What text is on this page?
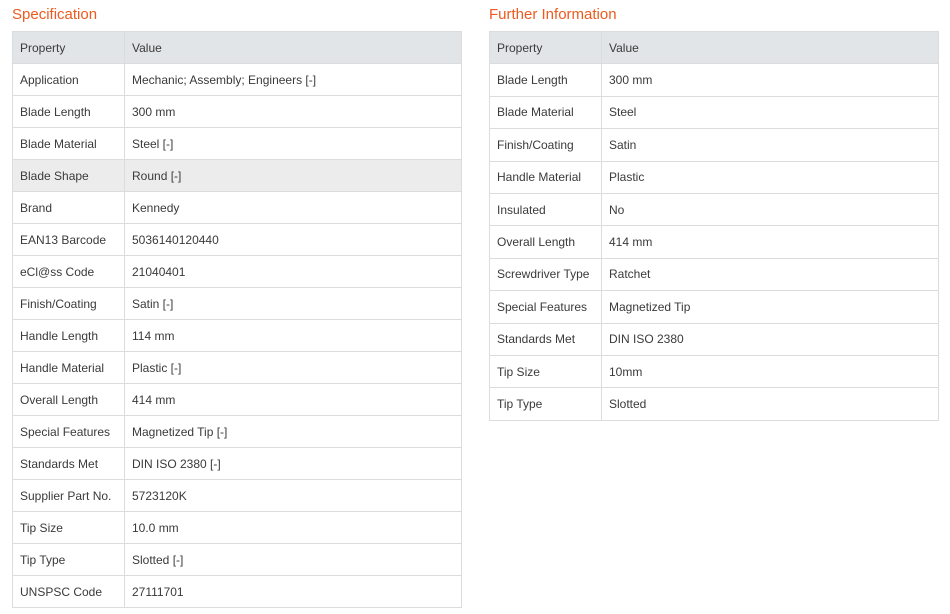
Specification
Property	Value
Application	Mechanic; Assembly; Engineers [-]
Blade Length	300 mm
Blade Material	Steel [-]
Blade Shape	Round [-]
Brand	Kennedy
EAN13 Barcode	5036140120440
eCl@ss Code	21040401
Finish/Coating	Satin [-]
Handle Length	114 mm
Handle Material	Plastic [-]
Overall Length	414 mm
Special Features	Magnetized Tip [-]
Standards Met	DIN ISO 2380 [-]
Supplier Part No.	5723120K
Tip Size	10.0 mm
Tip Type	Slotted [-]
UNSPSC Code	27111701
Further Information
Property	Value
Blade Length	300 mm
Blade Material	Steel
Finish/Coating	Satin
Handle Material	Plastic
Insulated	No
Overall Length	414 mm
Screwdriver Type	Ratchet
Special Features	Magnetized Tip
Standards Met	DIN ISO 2380
Tip Size	10mm
Tip Type	Slotted
